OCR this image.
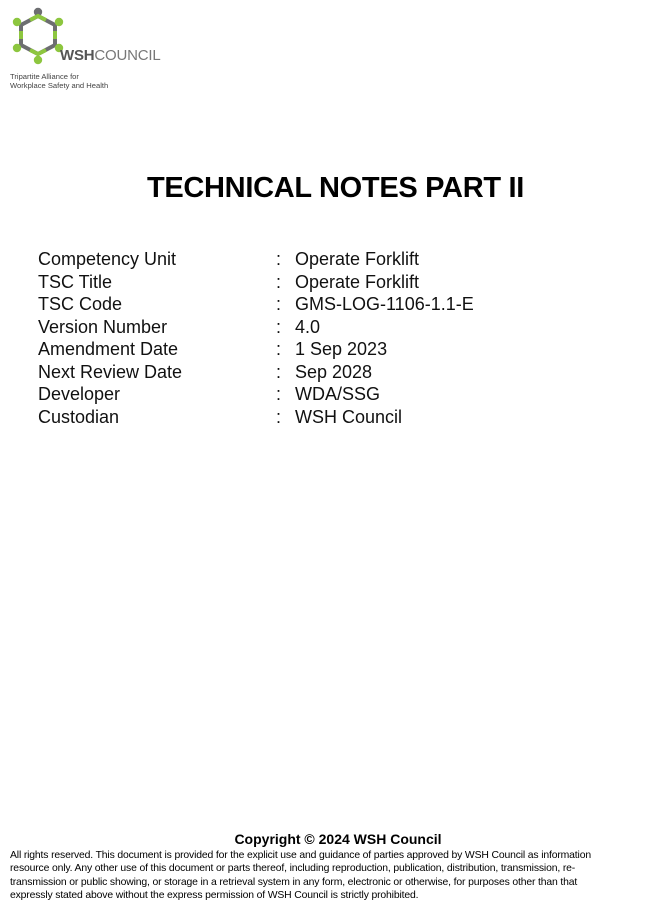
WSHCOUNCIL
Tripartite Alliance for
Workplace Safety and Health
TECHNICAL NOTES PART II
Competency Unit	: Operate Forklift
TSC Title	: Operate Forklift
TSC Code	: GMS-LOG-1106-1.1-E
Version Number	: 4.0
Amendment Date	: 1 Sep 2023
Next Review Date	: Sep 2028
Developer	: WDA/SSG
Custodian	: WSH Council
Copyright © 2024 WSH Council
All rights reserved. This document is provided for the explicit use and guidance of parties approved by WSH Council as information
resource only. Any other use of this document or parts thereof, including reproduction, publication, distribution, transmission, re-
transmission or public showing, or storage in a retrieval system in any form, electronic or otherwise, for purposes other than that
expressly stated above without the express permission of WSH Council is strictly prohibited.
